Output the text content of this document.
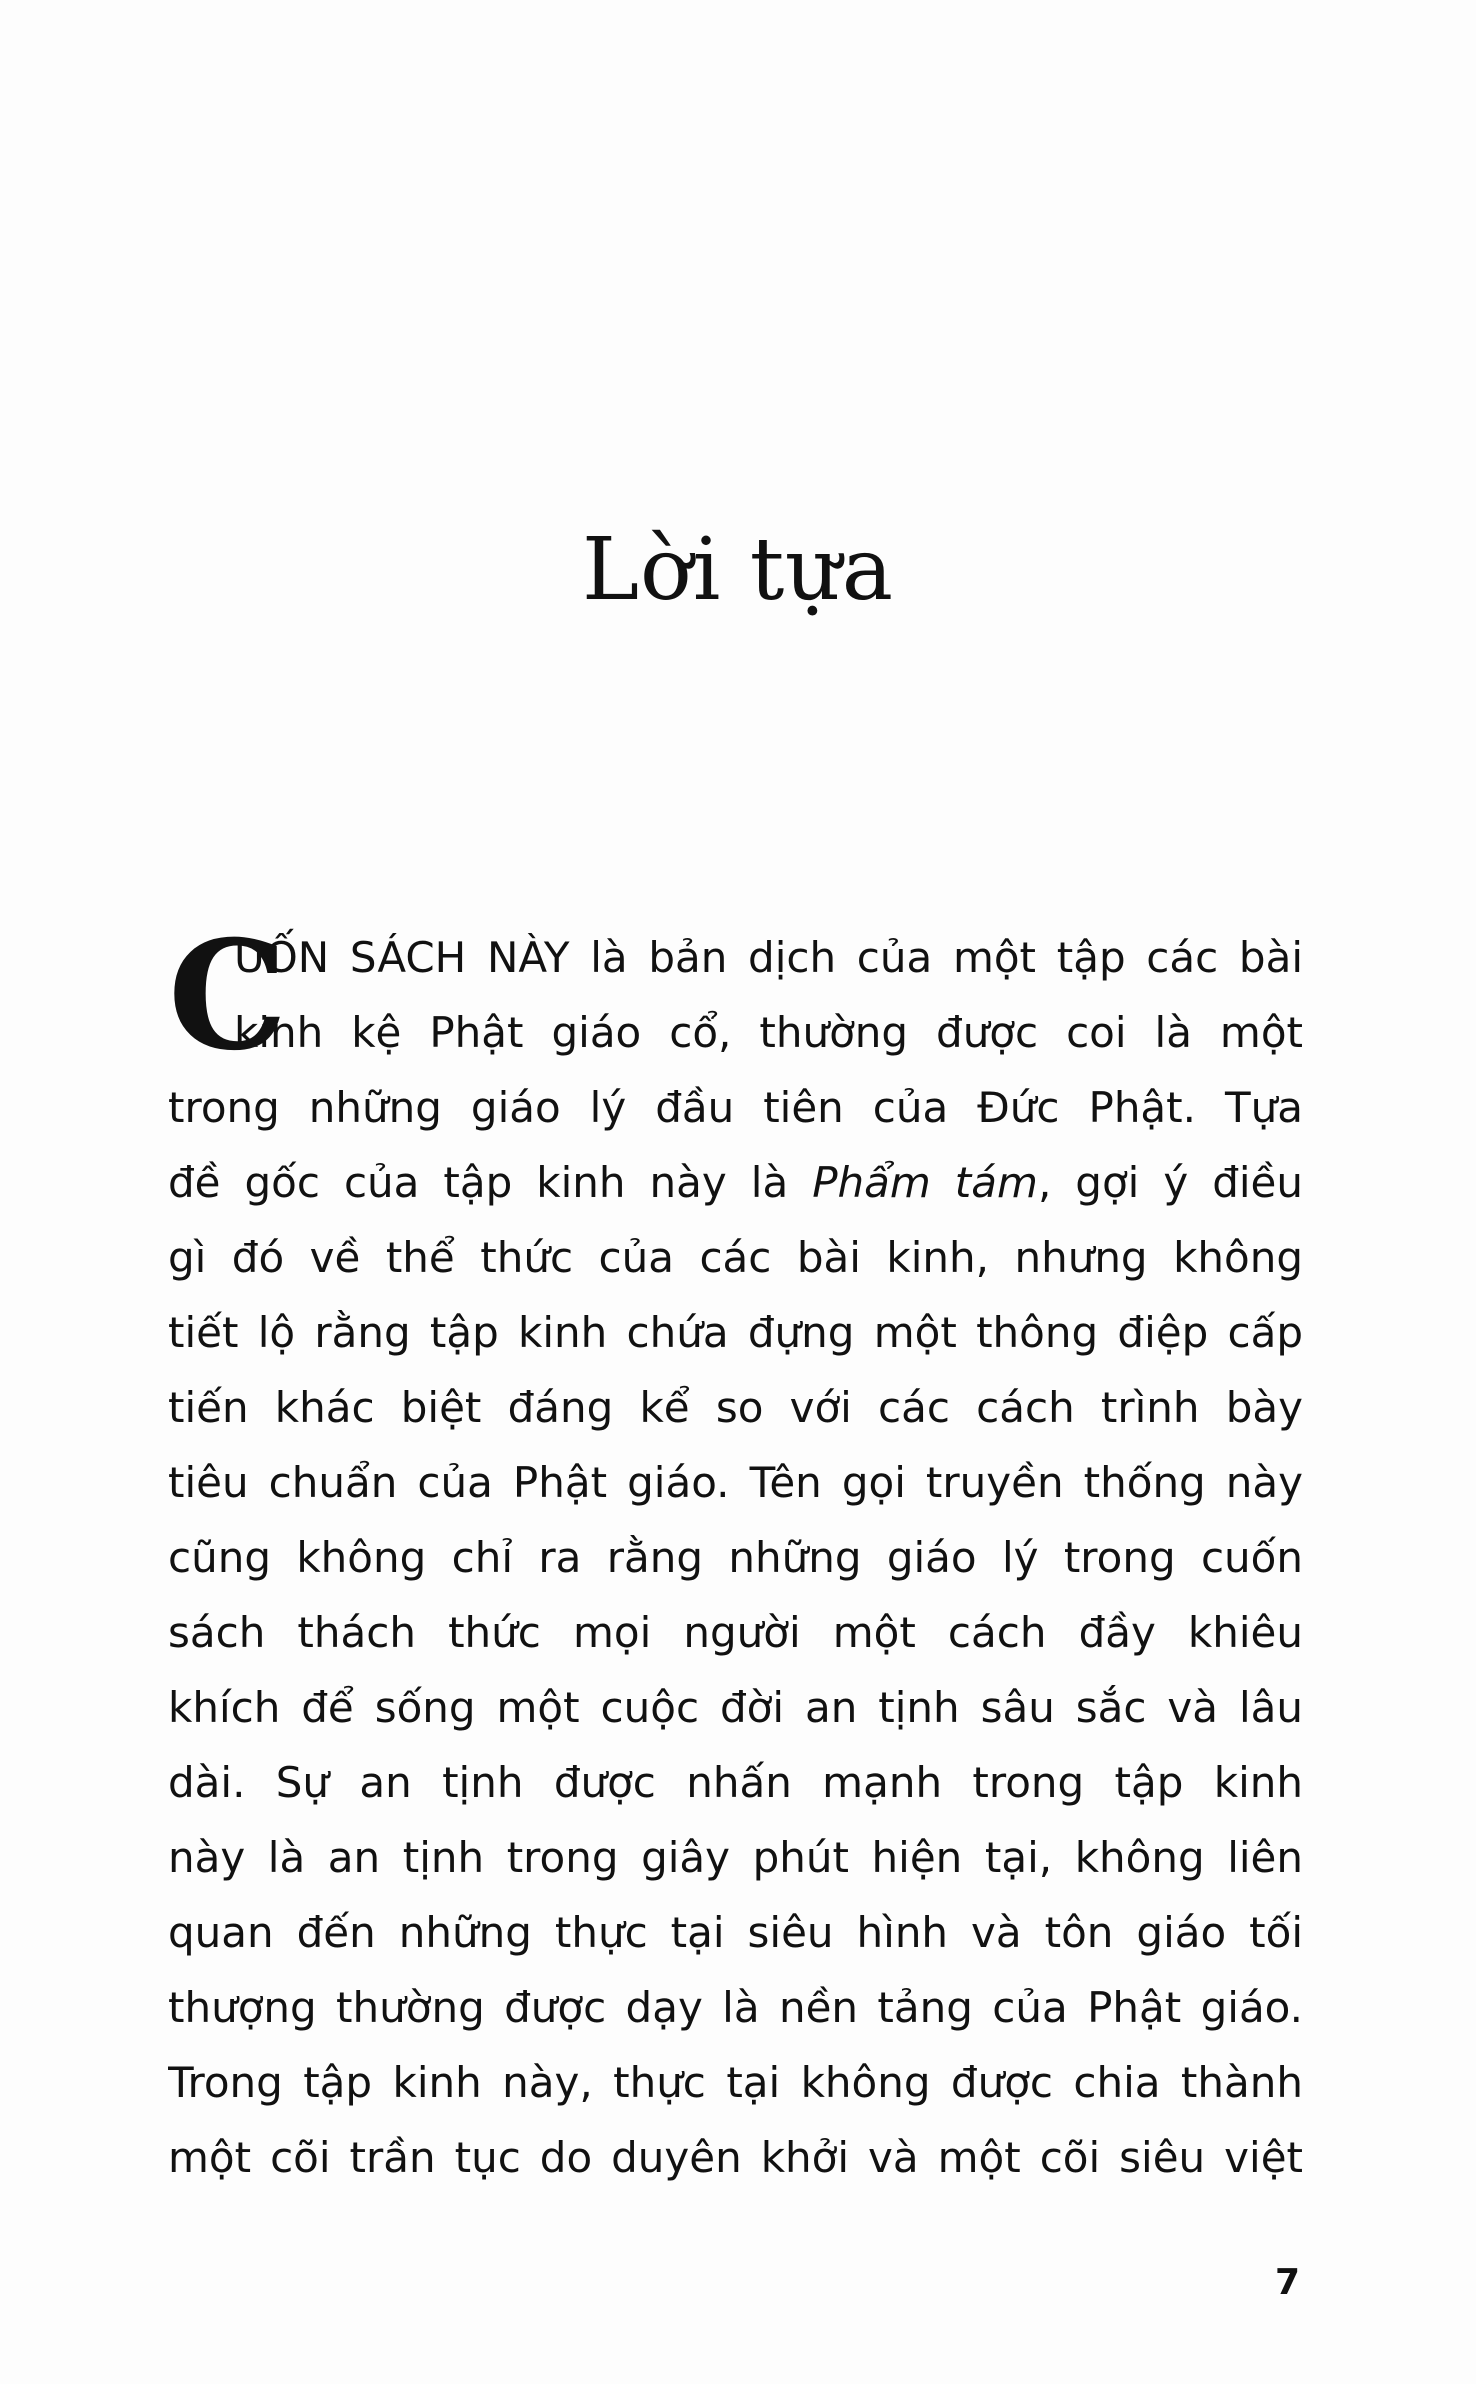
Lời tựa
C
UỐN SÁCH NÀY là bản dịch của một tập các bài
kinh kệ Phật giáo cổ, thường được coi là một
trong những giáo lý đầu tiên của Đức Phật. Tựa
đề gốc của tập kinh này là Phẩm tám, gợi ý điều
gì đó về thể thức của các bài kinh, nhưng không
tiết lộ rằng tập kinh chứa đựng một thông điệp cấp
tiến khác biệt đáng kể so với các cách trình bày
tiêu chuẩn của Phật giáo. Tên gọi truyền thống này
cũng không chỉ ra rằng những giáo lý trong cuốn
sách thách thức mọi người một cách đầy khiêu
khích để sống một cuộc đời an tịnh sâu sắc và lâu
dài. Sự an tịnh được nhấn mạnh trong tập kinh
này là an tịnh trong giây phút hiện tại, không liên
quan đến những thực tại siêu hình và tôn giáo tối
thượng thường được dạy là nền tảng của Phật giáo.
Trong tập kinh này, thực tại không được chia thành
một cõi trần tục do duyên khởi và một cõi siêu việt
7
